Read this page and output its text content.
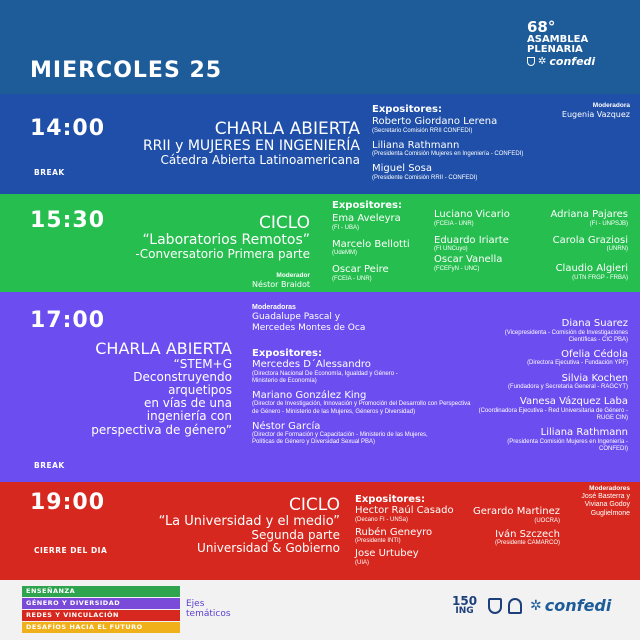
MIERCOLES 25
68°
ASAMBLEA
PLENARIA
✲ confedi
14:00
BREAK
CHARLA ABIERTA
RRII y MUJERES EN INGENIERÍA
Cátedra Abierta Latinoamericana
Expositores:
Roberto Giordano Lerena
(Secretario Comisión RRII CONFEDI)
Liliana Rathmann
(Presidenta Comisión Mujeres en Ingeniería - CONFEDI)
Miguel Sosa
(Presidente Comisión RRII - CONFEDI)
Moderadora
Eugenia Vazquez
15:30	CICLO
“Laboratorios Remotos”
-Conversatorio Primera parte
Moderador
Néstor Braidot
Expositores:
Ema Aveleyra
(FI - UBA)
Marcelo Bellotti
(UdeMM)
Oscar Peire
(FCEIA - UNR)
Luciano Vicario
(FCEIA - UNR)
Eduardo Iriarte
(FI UNCuyo)
Oscar Vanella
(FCEFyN - UNC)
Adriana Pajares
(FI - UNPSJB)
Carola Graziosi
(UNRN)
Claudio Algieri
(UTN FRGP - FRBA)
17:00
BREAK
CHARLA ABIERTA
“STEM+G
Deconstruyendo
arquetipos
en vías de una
ingeniería con
perspectiva de género”
Moderadoras
Guadalupe Pascal y
Mercedes Montes de Oca
Expositores:
Mercedes D´Alessandro
(Directora Nacional De Economía, Igualdad y Género - Ministerio de Economía)
Mariano González King
(Director de Investigación, Innovación y Promoción del Desarrollo con Perspectiva de Género - Ministerio de las Mujeres, Géneros y Diversidad)
Néstor García
(Director de Formación y Capacitación - Ministerio de las Mujeres, Políticas de Género y Diversidad Sexual PBA)
Diana Suarez
(Vicepresidenta - Comisión de Investigaciones Científicas - CIC PBA)
Ofelia Cédola
(Directora Ejecutiva - Fundación YPF)
Silvia Kochen
(Fundadora y Secretaria General - RAGCYT)
Vanesa Vázquez Laba
(Coordinadora Ejecutiva - Red Universitaria de Género - RUGE CIN)
Liliana Rathmann
(Presidenta Comisión Mujeres en Ingeniería - CONFEDI)
19:00
CIERRE DEL DIA
CICLO
“La Universidad y el medio”
Segunda parte
Universidad & Gobierno
Expositores:
Hector Raúl Casado
(Decano FI - UNSa)
Rubén Geneyro
(Presidente INTI)
Jose Urtubey
(UIA)
Gerardo Martinez
(UOCRA)
Iván Szczech
(Presidente CAMARCO)
Moderadores
José Basterra y
Viviana Godoy
Guglielmone
ENSEÑANZA
GÉNERO Y DIVERSIDAD
REDES Y VINCULACIÓN
DESAFÍOS HACIA EL FUTURO
Ejes
temáticos
150
ING	✲ confedi
